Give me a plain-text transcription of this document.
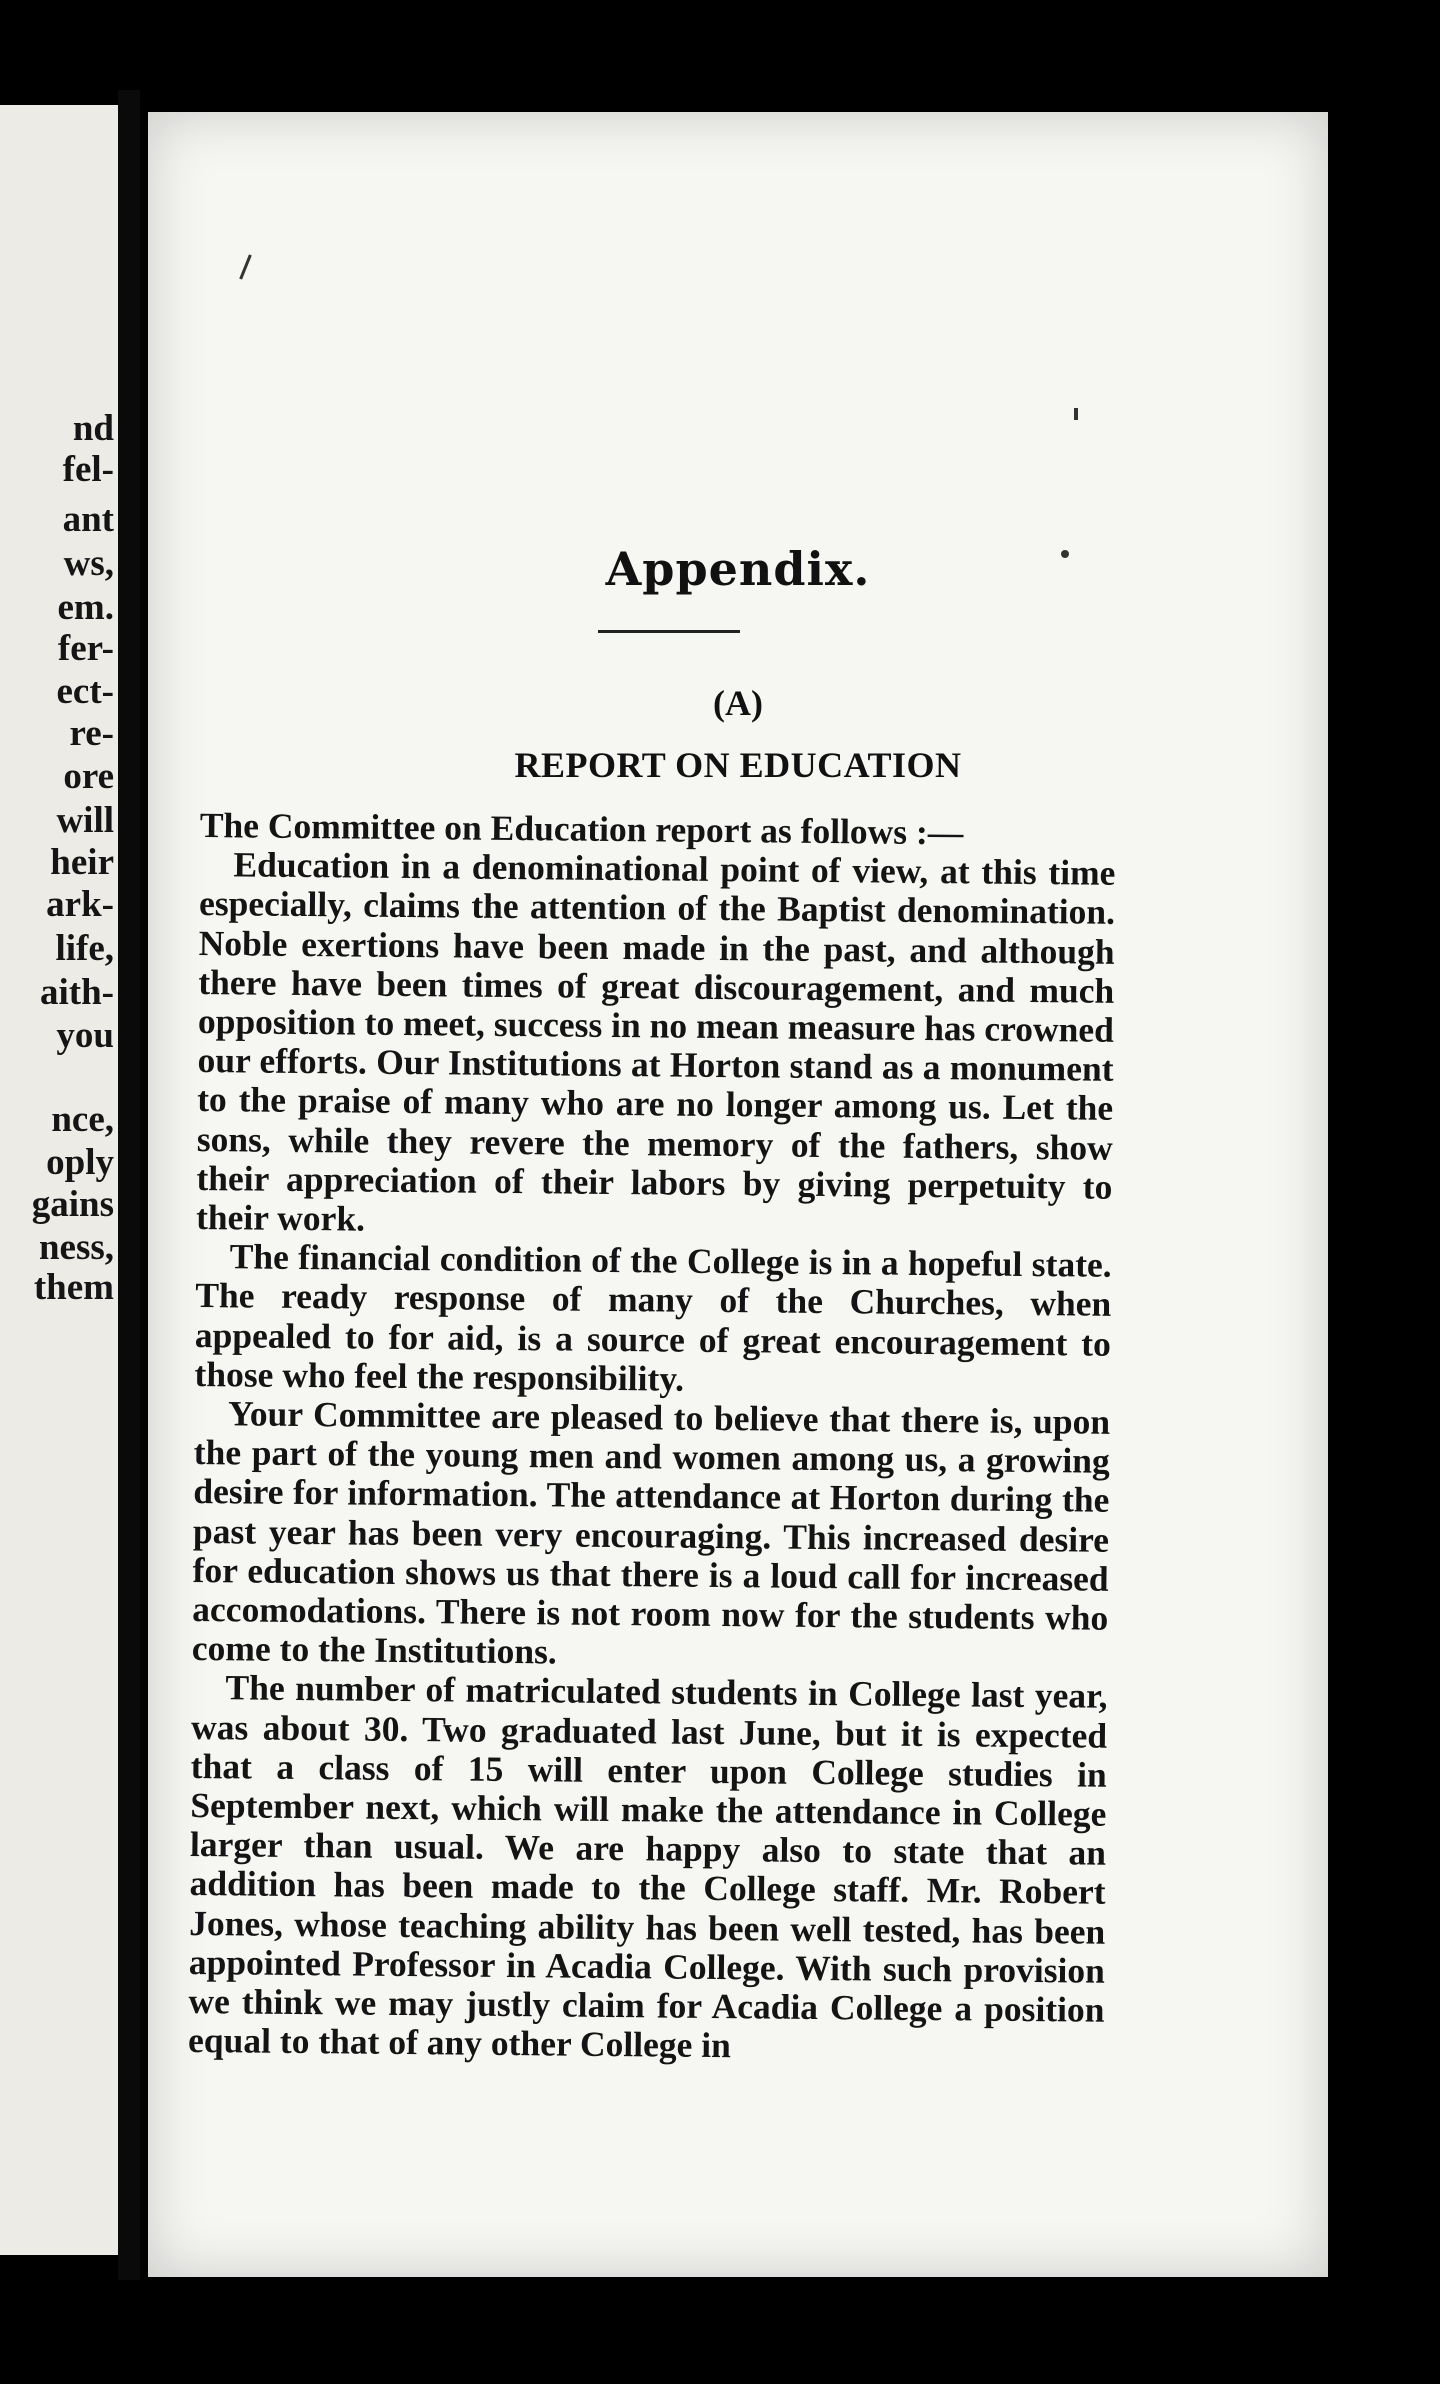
nd
fel-
ant
ws,
em.
fer-
ect-
re-
ore
will
heir
ark-
life,
aith-
you
nce,
oply
gains
ness,
them
Appendix.
(A)
REPORT ON EDUCATION

The Committee on Education report as follows :—

Education in a denominational point of view, at this time especially, claims the attention of the Baptist denomination. Noble exertions have been made in the past, and although there have been times of great discouragement, and much opposition to meet, success in no mean measure has crowned our efforts. Our Institutions at Horton stand as a monument to the praise of many who are no longer among us. Let the sons, while they revere the memory of the fathers, show their appreciation of their labors by giving perpetuity to their work.

The financial condition of the College is in a hopeful state. The ready response of many of the Churches, when appealed to for aid, is a source of great encouragement to those who feel the responsibility.

Your Committee are pleased to believe that there is, upon the part of the young men and women among us, a growing desire for information. The attendance at Horton during the past year has been very encouraging. This increased desire for education shows us that there is a loud call for increased accomodations. There is not room now for the students who come to the Institutions.

The number of matriculated students in College last year, was about 30. Two graduated last June, but it is expected that a class of 15 will enter upon College studies in September next, which will make the attendance in College larger than usual. We are happy also to state that an addition has been made to the College staff. Mr. Robert Jones, whose teaching ability has been well tested, has been appointed Professor in Acadia College. With such provision we think we may justly claim for Acadia College a position equal to that of any other College in
